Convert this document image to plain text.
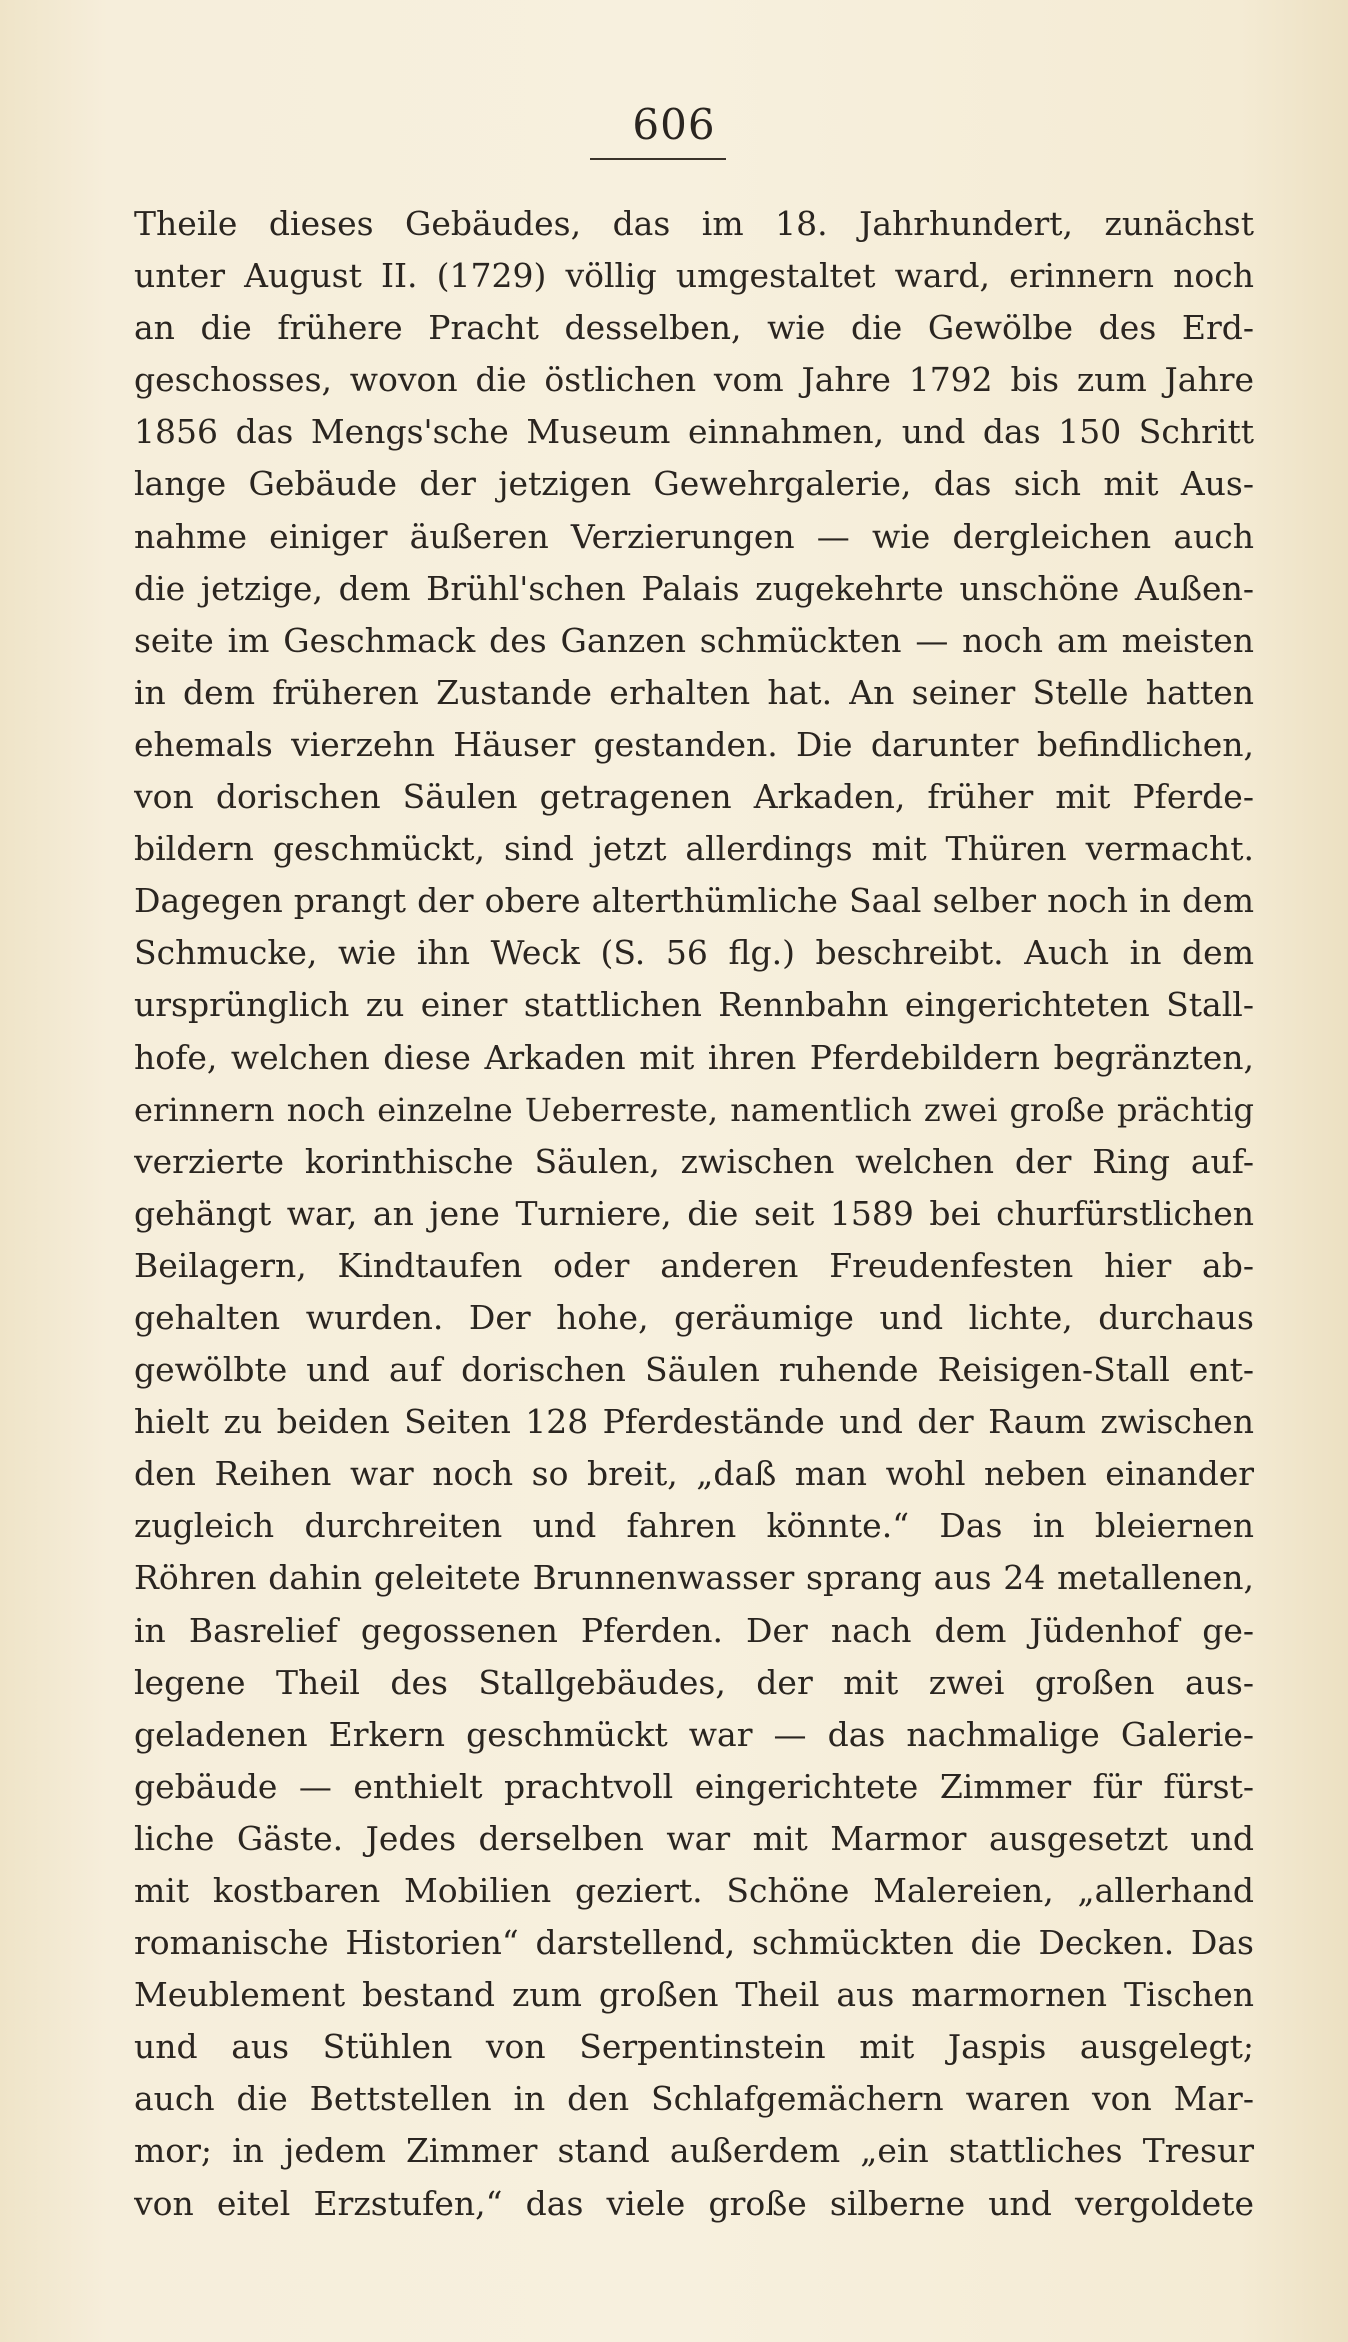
606
Theile dieses Gebäudes, das im 18. Jahrhundert, zunächst
unter August II. (1729) völlig umgestaltet ward, erinnern noch
an die frühere Pracht desselben, wie die Gewölbe des Erd-
geschosses, wovon die östlichen vom Jahre 1792 bis zum Jahre
1856 das Mengs'sche Museum einnahmen, und das 150 Schritt
lange Gebäude der jetzigen Gewehrgalerie, das sich mit Aus-
nahme einiger äußeren Verzierungen — wie dergleichen auch
die jetzige, dem Brühl'schen Palais zugekehrte unschöne Außen-
seite im Geschmack des Ganzen schmückten — noch am meisten
in dem früheren Zustande erhalten hat. An seiner Stelle hatten
ehemals vierzehn Häuser gestanden. Die darunter befindlichen,
von dorischen Säulen getragenen Arkaden, früher mit Pferde-
bildern geschmückt, sind jetzt allerdings mit Thüren vermacht.
Dagegen prangt der obere alterthümliche Saal selber noch in dem
Schmucke, wie ihn Weck (S. 56 flg.) beschreibt. Auch in dem
ursprünglich zu einer stattlichen Rennbahn eingerichteten Stall-
hofe, welchen diese Arkaden mit ihren Pferdebildern begränzten,
erinnern noch einzelne Ueberreste, namentlich zwei große prächtig
verzierte korinthische Säulen, zwischen welchen der Ring auf-
gehängt war, an jene Turniere, die seit 1589 bei churfürstlichen
Beilagern, Kindtaufen oder anderen Freudenfesten hier ab-
gehalten wurden. Der hohe, geräumige und lichte, durchaus
gewölbte und auf dorischen Säulen ruhende Reisigen-Stall ent-
hielt zu beiden Seiten 128 Pferdeständе und der Raum zwischen
den Reihen war noch so breit, „daß man wohl neben einander
zugleich durchreiten und fahren könnte.“ Das in bleiernen
Röhren dahin geleitete Brunnenwasser sprang aus 24 metallenen,
in Basrelief gegossenen Pferden. Der nach dem Jüdenhof ge-
legene Theil des Stallgebäudes, der mit zwei großen aus-
geladenen Erkern geschmückt war — das nachmalige Galerie-
gebäude — enthielt prachtvoll eingerichtete Zimmer für fürst-
liche Gäste. Jedes derselben war mit Marmor ausgesetzt und
mit kostbaren Mobilien geziert. Schöne Malereien, „allerhand
romanische Historien“ darstellend, schmückten die Decken. Das
Meublement bestand zum großen Theil aus marmornen Tischen
und aus Stühlen von Serpentinstein mit Jaspis ausgelegt;
auch die Bettstellen in den Schlafgemächern waren von Mar-
mor; in jedem Zimmer stand außerdem „ein stattliches Tresur
von eitel Erzstufen,“ das viele große silberne und vergoldete
